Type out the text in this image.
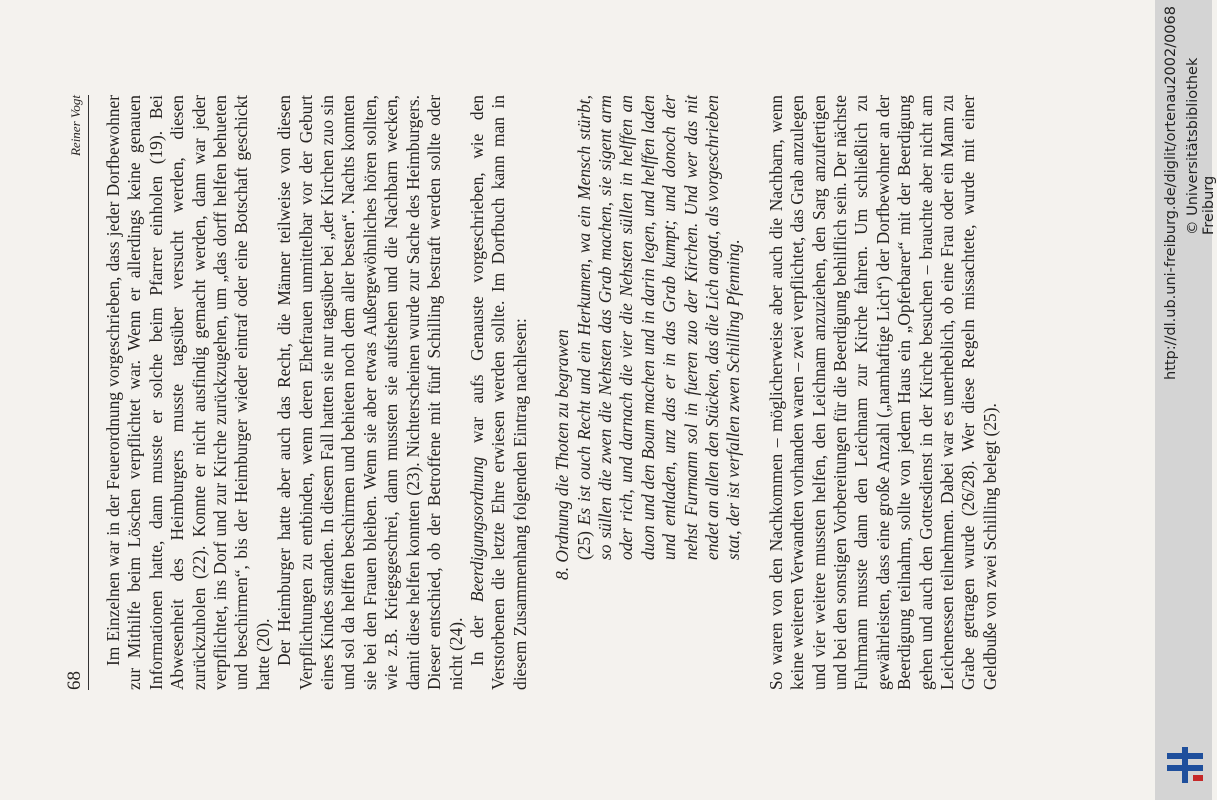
68
Reiner Vogt Im Einzelnen war in der Feuerordnung vorgeschrieben, dass jeder Dorfbewohner zur Mithilfe beim Löschen verpflichtet war. Wenn er allerdings keine genauen Informationen hatte, dann musste er solche beim Pfarrer einholen (19). Bei Abwesenheit des Heimburgers musste tagsüber versucht werden, diesen zurückzuholen (22). Konnte er nicht ausfindig gemacht werden, dann war jeder verpflichtet, ins Dorf und zur Kirche zurückzugehen, um „das dorff helfen behueten und beschirmen“, bis der Heimburger wieder eintraf oder eine Botschaft geschickt hatte (20). Der Heimburger hatte aber auch das Recht, die Männer teilweise von diesen Verpflichtungen zu entbinden, wenn deren Ehefrauen unmittelbar vor der Geburt eines Kindes standen. In diesem Fall hatten sie nur tagsüber bei „der Kirchen zuo sin und sol da helffen beschirmen und behieten noch dem aller besten“. Nachts konnten sie bei den Frauen bleiben. Wenn sie aber etwas Außergewöhnliches hören sollten, wie z.B. Kriegsgeschrei, dann mussten sie aufstehen und die Nachbarn wecken, damit diese helfen konnten (23). Nichterscheinen wurde zur Sache des Heimburgers. Dieser entschied, ob der Betroffene mit fünf Schilling bestraft werden sollte oder nicht (24). In der Beerdigungsordnung war aufs Genauste vorgeschrieben, wie den Verstorbenen die letzte Ehre erwiesen werden sollte. Im Dorfbuch kann man in diesem Zusammenhang folgenden Eintrag nachlesen: 8. Ordnung die Thoten zu begrawen (25) Es ist ouch Recht und ein Herkumen, wa ein Mensch stürbt, so süllen die zwen die Nehsten das Grab machen, sie sigent arm oder rich, und darnach die vier die Nehsten süllen in helffen an duon und den Boum machen und in darin legen, und helffen laden und entladen, unz das er in das Grab kumpt; und donoch der nehst Furmann sol in fueren zuo der Kirchen. Und wer das nit endet an allen den Stücken, das die Lich angat, als vorgeschrieben stat, der ist verfallen zwen Schilling Pfenning. So waren von den Nachkommen – möglicherweise aber auch die Nachbarn, wenn keine weiteren Verwandten vorhanden waren – zwei verpflichtet, das Grab anzulegen und vier weitere mussten helfen, den Leichnam anzuziehen, den Sarg anzufertigen und bei den sonstigen Vorbereitungen für die Beerdigung behilflich sein. Der nächste Fuhrmann musste dann den Leichnam zur Kirche fahren. Um schließlich zu gewährleisten, dass eine große Anzahl („namhaftige Lich“) der Dorfbewohner an der Beerdigung teilnahm, sollte von jedem Haus ein „Opferbarer“ mit der Beerdigung gehen und auch den Gottesdienst in der Kirche besuchen – brauchte aber nicht am Leichenessen teilnehmen. Dabei war es unerheblich, ob eine Frau oder ein Mann zu Grabe getragen wurde (26/28). Wer diese Regeln missachtete, wurde mit einer Geldbuße von zwei Schilling belegt (25).

http://dl.ub.uni-freiburg.de/diglit/ortenau2002/0068 © Universitätsbibliothek Freiburg
